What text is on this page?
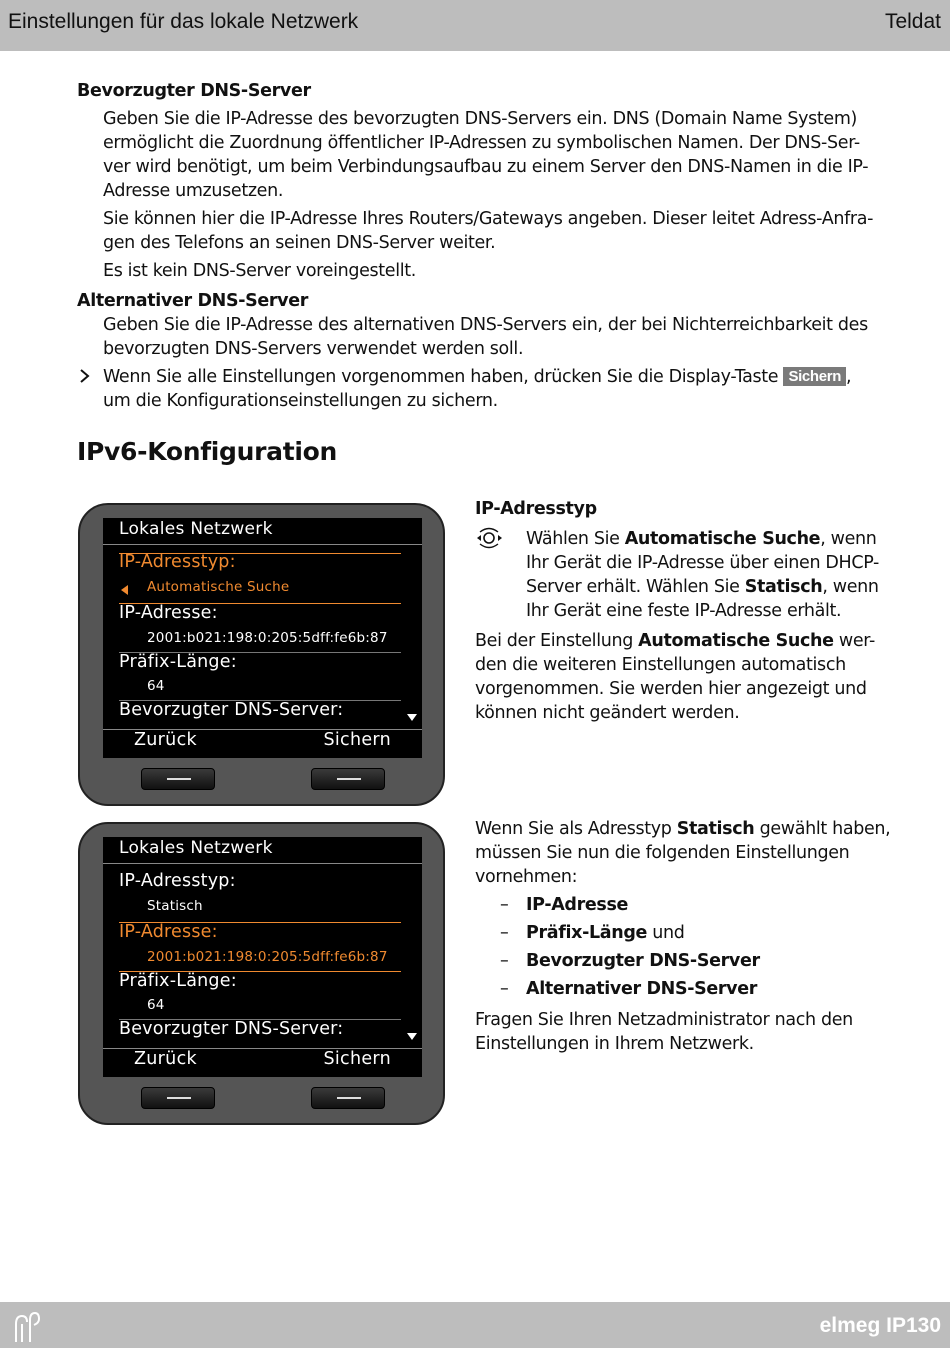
Einstellungen für das lokale Netzwerk	Teldat
Bevorzugter DNS-Server
Geben Sie die IP-Adresse des bevorzugten DNS-Servers ein. DNS (Domain Name System)
ermöglicht die Zuordnung öffentlicher IP-Adressen zu symbolischen Namen. Der DNS-Ser-
ver wird benötigt, um beim Verbindungsaufbau zu einem Server den DNS-Namen in die IP-
Adresse umzusetzen.
Sie können hier die IP-Adresse Ihres Routers/Gateways angeben. Dieser leitet Adress-Anfra-
gen des Telefons an seinen DNS-Server weiter.
Es ist kein DNS-Server voreingestellt.
Alternativer DNS-Server
Geben Sie die IP-Adresse des alternativen DNS-Servers ein, der bei Nichterreichbarkeit des
bevorzugten DNS-Servers verwendet werden soll.
Wenn Sie alle Einstellungen vorgenommen haben, drücken Sie die Display-Taste Sichern ,
um die Konfigurationseinstellungen zu sichern.
IPv6-Konfiguration
Lokales Netzwerk
IP-Adresstyp:
Automatische Suche
IP-Adresse:
2001:b021:198:0:205:5dff:fe6b:87
Präfix-Länge:
64
Bevorzugter DNS-Server:
Zurück	Sichern
Lokales Netzwerk
IP-Adresstyp:
Statisch
IP-Adresse:
2001:b021:198:0:205:5dff:fe6b:87
Präfix-Länge:
64
Bevorzugter DNS-Server:
Zurück	Sichern
IP-Adresstyp
Wählen Sie Automatische Suche, wenn
Ihr Gerät die IP-Adresse über einen DHCP-
Server erhält. Wählen Sie Statisch, wenn
Ihr Gerät eine feste IP-Adresse erhält.
Bei der Einstellung Automatische Suche wer-
den die weiteren Einstellungen automatisch
vorgenommen. Sie werden hier angezeigt und
können nicht geändert werden.
Wenn Sie als Adresstyp Statisch gewählt haben,
müssen Sie nun die folgenden Einstellungen
vornehmen:
– IP-Adresse
– Präfix-Länge und
– Bevorzugter DNS-Server
– Alternativer DNS-Server
Fragen Sie Ihren Netzadministrator nach den
Einstellungen in Ihrem Netzwerk.
elmeg IP130
